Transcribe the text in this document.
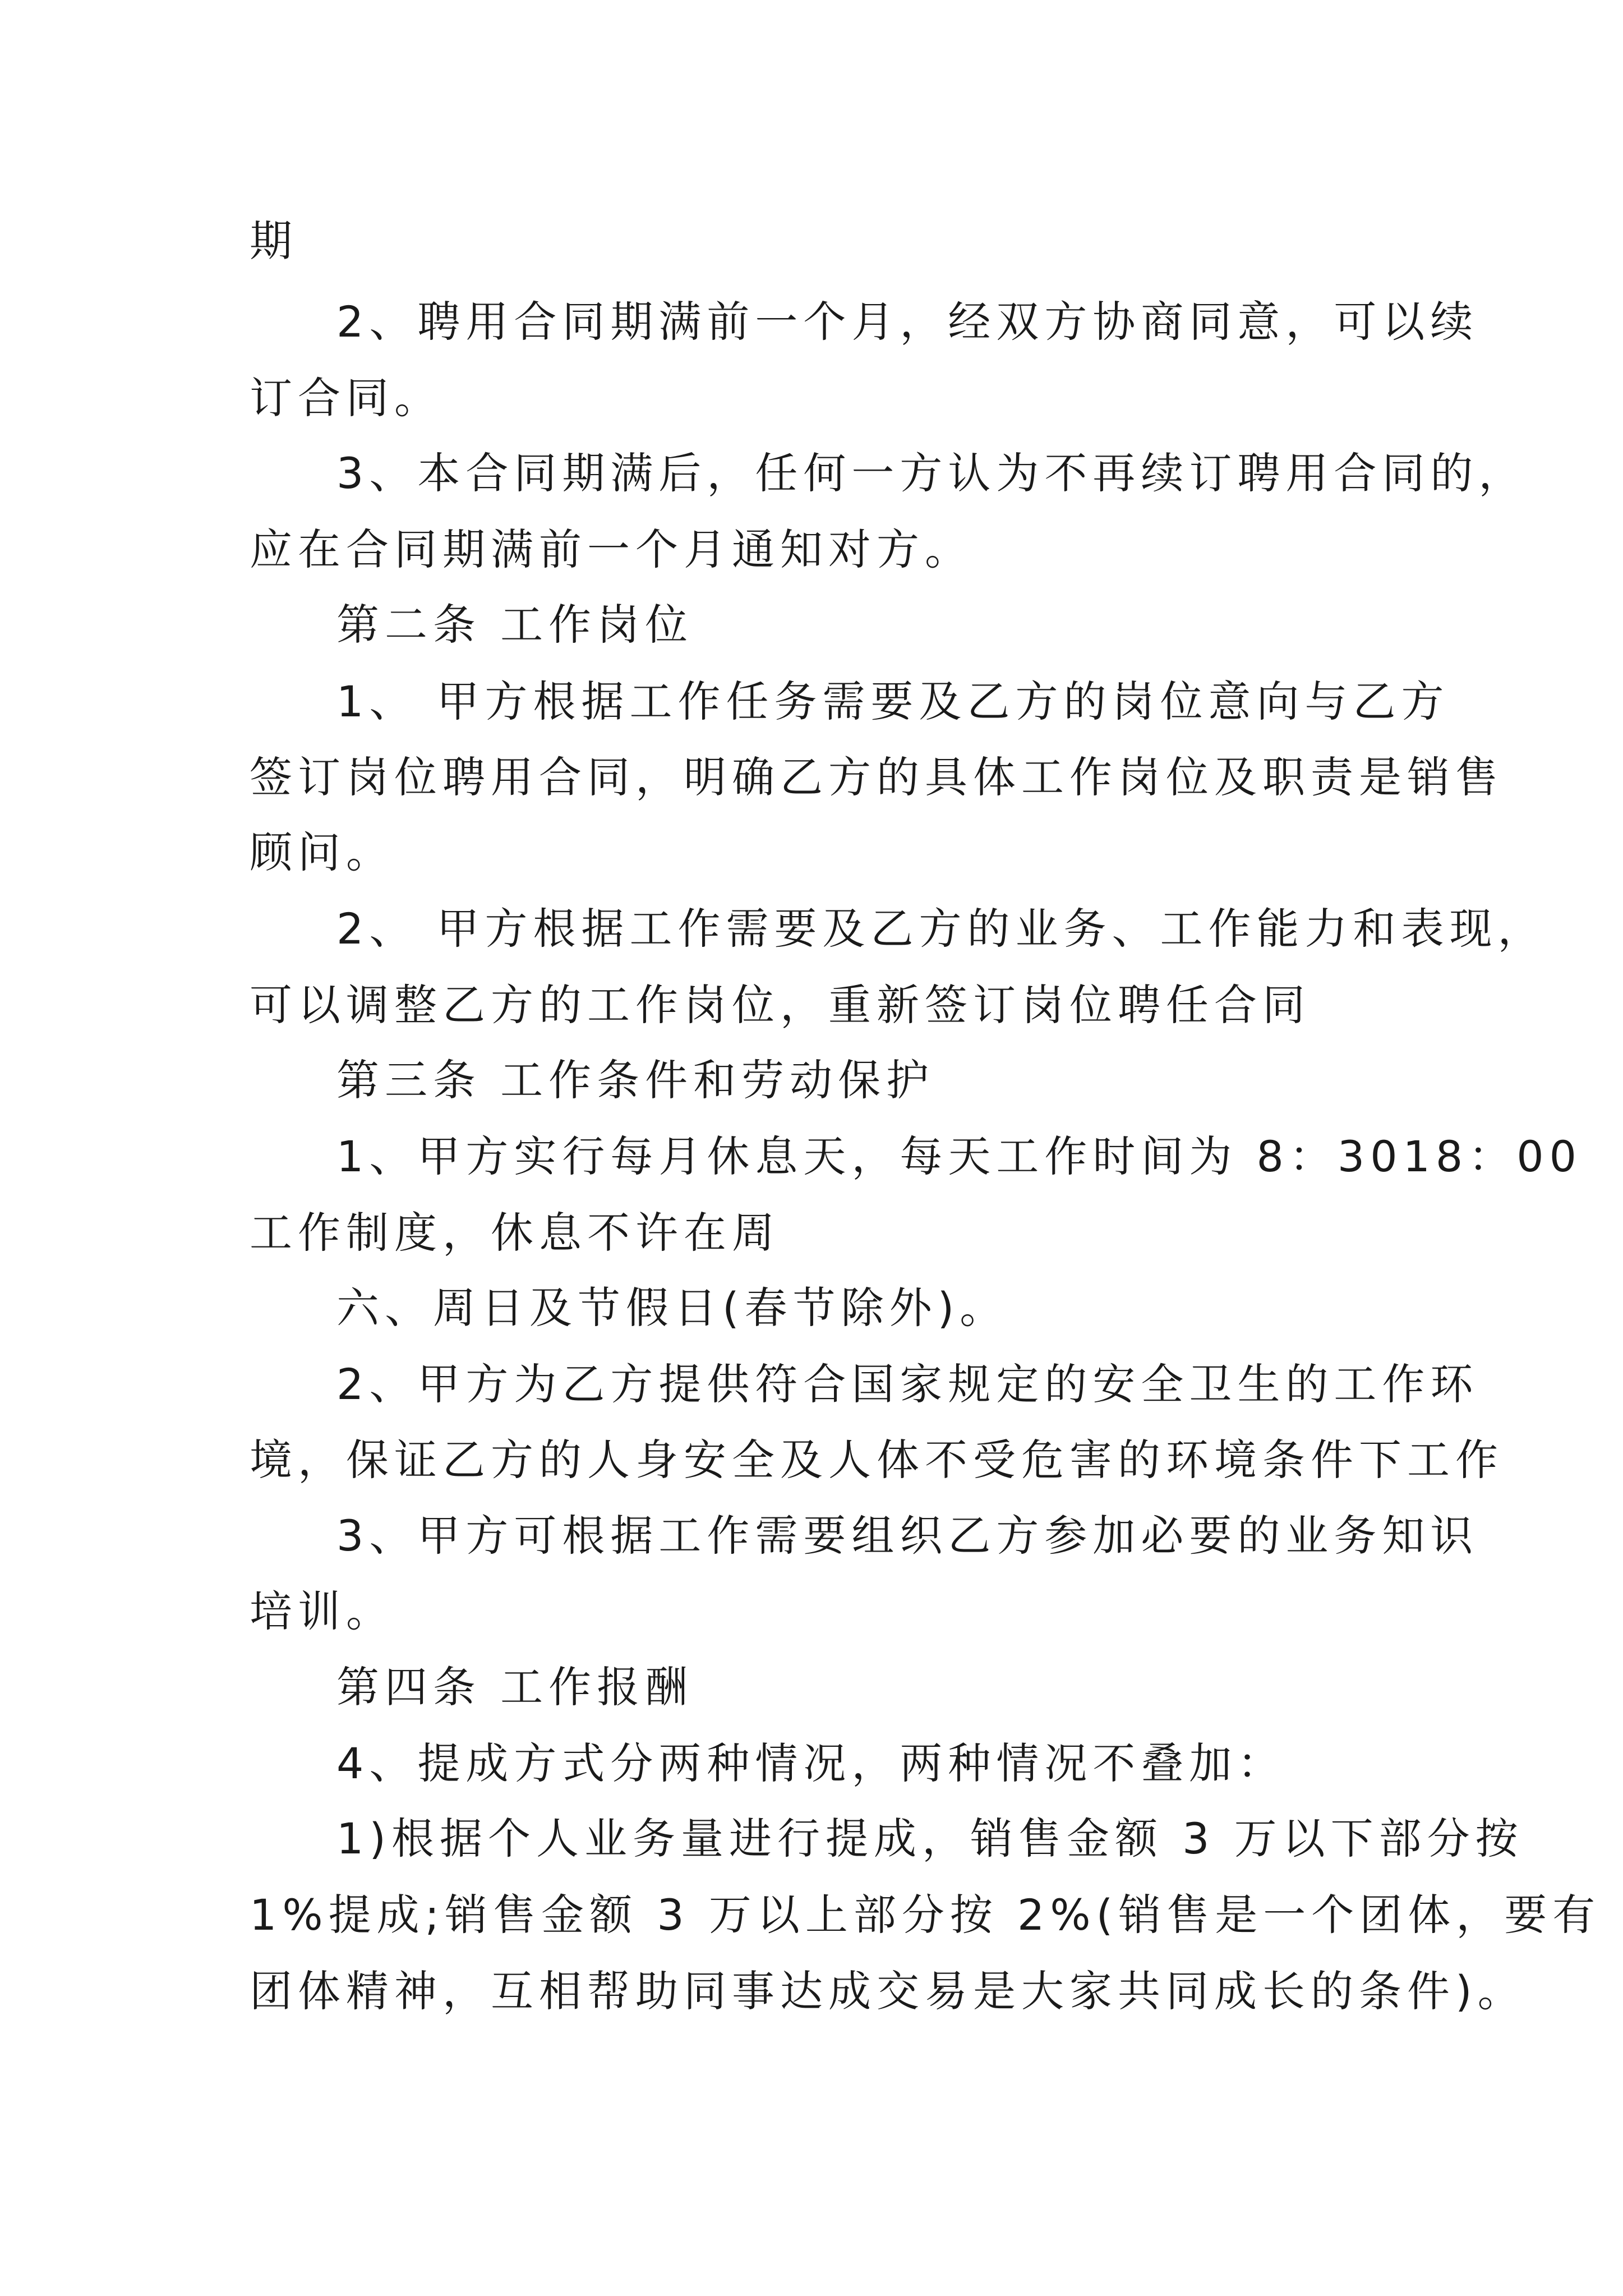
期
2、聘用合同期满前一个月，经双方协商同意，可以续
订合同。
3、本合同期满后，任何一方认为不再续订聘用合同的，
应在合同期满前一个月通知对方。
第二条 工作岗位
1、 甲方根据工作任务需要及乙方的岗位意向与乙方
签订岗位聘用合同，明确乙方的具体工作岗位及职责是销售
顾问。
2、 甲方根据工作需要及乙方的业务、工作能力和表现，
可以调整乙方的工作岗位，重新签订岗位聘任合同
第三条 工作条件和劳动保护
1、甲方实行每月休息天，每天工作时间为 8：3018：00
工作制度，休息不许在周
六、周日及节假日(春节除外)。
2、甲方为乙方提供符合国家规定的安全卫生的工作环
境，保证乙方的人身安全及人体不受危害的环境条件下工作
3、甲方可根据工作需要组织乙方参加必要的业务知识
培训。
第四条 工作报酬
4、提成方式分两种情况，两种情况不叠加：
1)根据个人业务量进行提成，销售金额 3 万以下部分按
1%提成;销售金额 3 万以上部分按 2%(销售是一个团体，要有
团体精神，互相帮助同事达成交易是大家共同成长的条件)。
